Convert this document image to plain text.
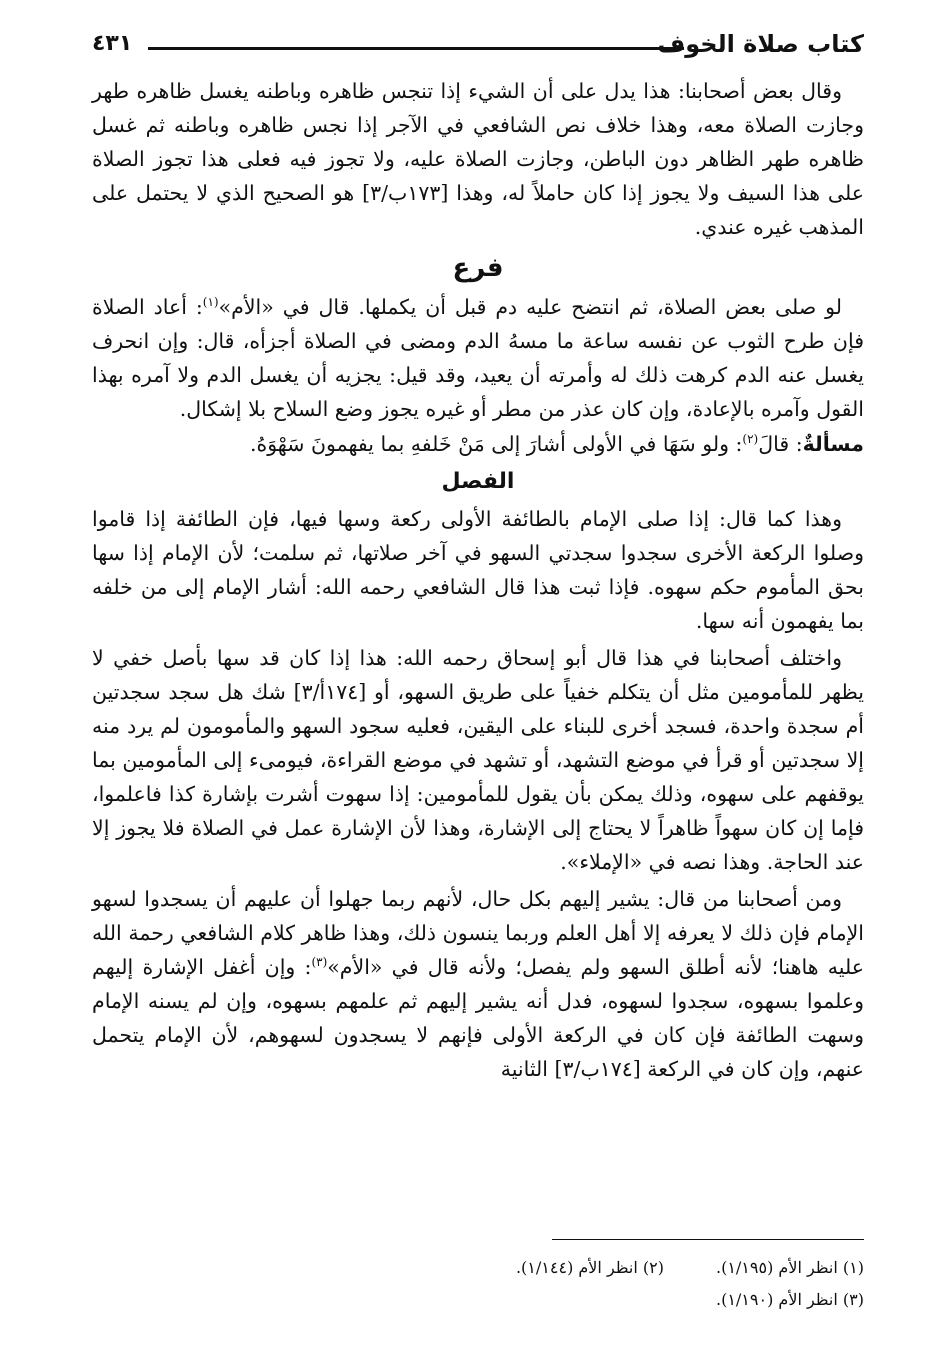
كتاب صلاة الخوف
٤٣١

وقال بعض أصحابنا: هذا يدل على أن الشيء إذا تنجس ظاهره وباطنه يغسل ظاهره طهر وجازت الصلاة معه، وهذا خلاف نص الشافعي في الآجر إذا نجس ظاهره وباطنه ثم غسل ظاهره طهر الظاهر دون الباطن، وجازت الصلاة عليه، ولا تجوز فيه فعلى هذا تجوز الصلاة على هذا السيف ولا يجوز إذا كان حاملاً له، وهذا [١٧٣ب/٣] هو الصحيح الذي لا يحتمل على المذهب غيره عندي.

فرع

لو صلى بعض الصلاة، ثم انتضح عليه دم قبل أن يكملها. قال في «الأم»$^{(١)}$: أعاد الصلاة فإن طرح الثوب عن نفسه ساعة ما مسهُ الدم ومضى في الصلاة أجزأه، قال: وإن انحرف يغسل عنه الدم كرهت ذلك له وأمرته أن يعيد، وقد قيل: يجزيه أن يغسل الدم ولا آمره بهذا القول وآمره بالإعادة، وإن كان عذر من مطر أو غيره يجوز وضع السلاح بلا إشكال.

مسألةٌ: قالَ$^{(٢)}$: ولو سَهَا في الأولى أشارَ إلى مَنْ خَلفهِ بما يفهمونَ سَهْوَهُ.

الفصل

وهذا كما قال: إذا صلى الإمام بالطائفة الأولى ركعة وسها فيها، فإن الطائفة إذا قاموا وصلوا الركعة الأخرى سجدوا سجدتي السهو في آخر صلاتها، ثم سلمت؛ لأن الإمام إذا سها بحق المأموم حكم سهوه. فإذا ثبت هذا قال الشافعي رحمه الله: أشار الإمام إلى من خلفه بما يفهمون أنه سها.

واختلف أصحابنا في هذا قال أبو إسحاق رحمه الله: هذا إذا كان قد سها بأصل خفي لا يظهر للمأمومين مثل أن يتكلم خفياً على طريق السهو، أو [١٧٤أ/٣] شك هل سجد سجدتين أم سجدة واحدة، فسجد أخرى للبناء على اليقين، فعليه سجود السهو والمأمومون لم يرد منه إلا سجدتين أو قرأ في موضع التشهد، أو تشهد في موضع القراءة، فيومىء إلى المأمومين بما يوقفهم على سهوه، وذلك يمكن بأن يقول للمأمومين: إذا سهوت أشرت بإشارة كذا فاعلموا، فإما إن كان سهواً ظاهراً لا يحتاج إلى الإشارة، وهذا لأن الإشارة عمل في الصلاة فلا يجوز إلا عند الحاجة. وهذا نصه في «الإملاء».

ومن أصحابنا من قال: يشير إليهم بكل حال، لأنهم ربما جهلوا أن عليهم أن يسجدوا لسهو الإمام فإن ذلك لا يعرفه إلا أهل العلم وربما ينسون ذلك، وهذا ظاهر كلام الشافعي رحمة الله عليه هاهنا؛ لأنه أطلق السهو ولم يفصل؛ ولأنه قال في «الأم»$^{(٣)}$: وإن أغفل الإشارة إليهم وعلموا بسهوه، سجدوا لسهوه، فدل أنه يشير إليهم ثم علمهم بسهوه، وإن لم يسنه الإمام وسهت الطائفة فإن كان في الركعة الأولى فإنهم لا يسجدون لسهوهم، لأن الإمام يتحمل عنهم، وإن كان في الركعة [١٧٤ب/٣] الثانية

(١) انظر الأم (١/١٩٥).(٢) انظر الأم (١/١٤٤).
(٣) انظر الأم (١/١٩٠).
